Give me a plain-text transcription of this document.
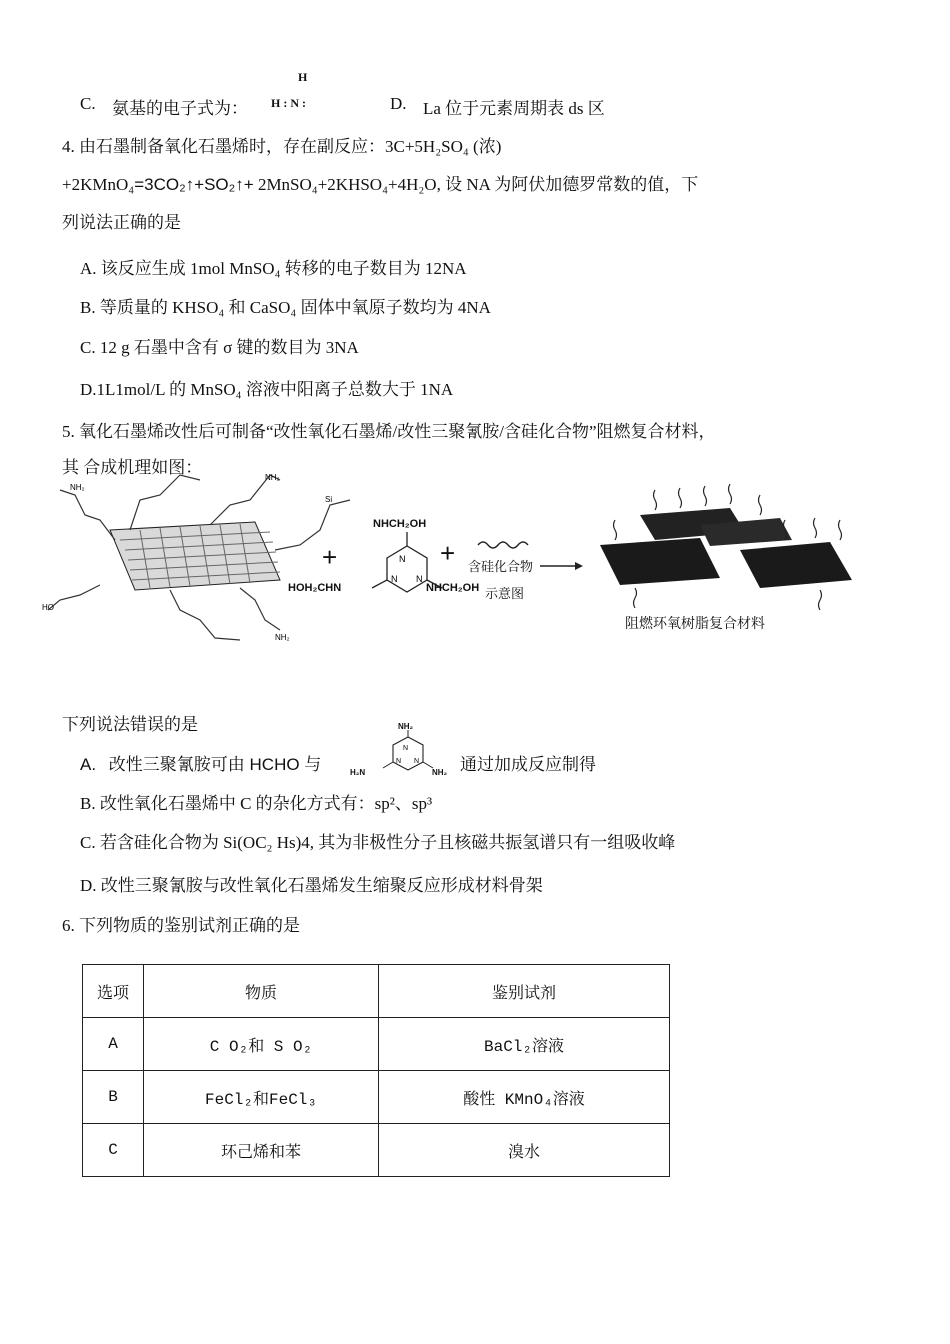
C. 氨基的电子式为：
H
H : N :	D. La 位于元素周期表 ds 区
4. 由石墨制备氧化石墨烯时，存在副反应：3C+5H₂SO₄ (浓)
+2KMnO₄=3CO₂↑+SO₂↑+ 2MnSO₄+2KHSO₄+4H₂O, 设 NA 为阿伏加德罗常数的值，下
列说法正确的是
A. 该反应生成 1mol MnSO₄ 转移的电子数目为 12NA
B. 等质量的 KHSO₄ 和 CaSO₄ 固体中氧原子数均为 4NA
C. 12 g 石墨中含有 σ 键的数目为 3NA
D.1L1mol/L 的 MnSO₄ 溶液中阳离子总数大于 1NA
5. 氧化石墨烯改性后可制备“改性氧化石墨烯/改性三聚氰胺/含硅化合物”阻燃复合材料，
其 合成机理如图：
NH₂
NH₂
HO
NH₂
Si
N
N N
+	+
NHCH₂OH
HOH₂CHN	NHCH₂OH
含硅化合物
示意图
阻燃环氧树脂复合材料
下列说法错误的是
A. 改性三聚氰胺可由 HCHO 与
N
N N
NH₂
H₂N	NH₂ 通过加成反应制得
B. 改性氧化石墨烯中 C 的杂化方式有：sp²、sp³
C. 若含硅化合物为 Si(OC₂ Hs)4, 其为非极性分子且核磁共振氢谱只有一组吸收峰
D. 改性三聚氰胺与改性氧化石墨烯发生缩聚反应形成材料骨架
6. 下列物质的鉴别试剂正确的是
选项	物质	鉴别试剂
A	C O₂和 S O₂	BaCl₂溶液
B	FeCl₂和FeCl₃	酸性 KMnO₄溶液
C	环己烯和苯	溴水
